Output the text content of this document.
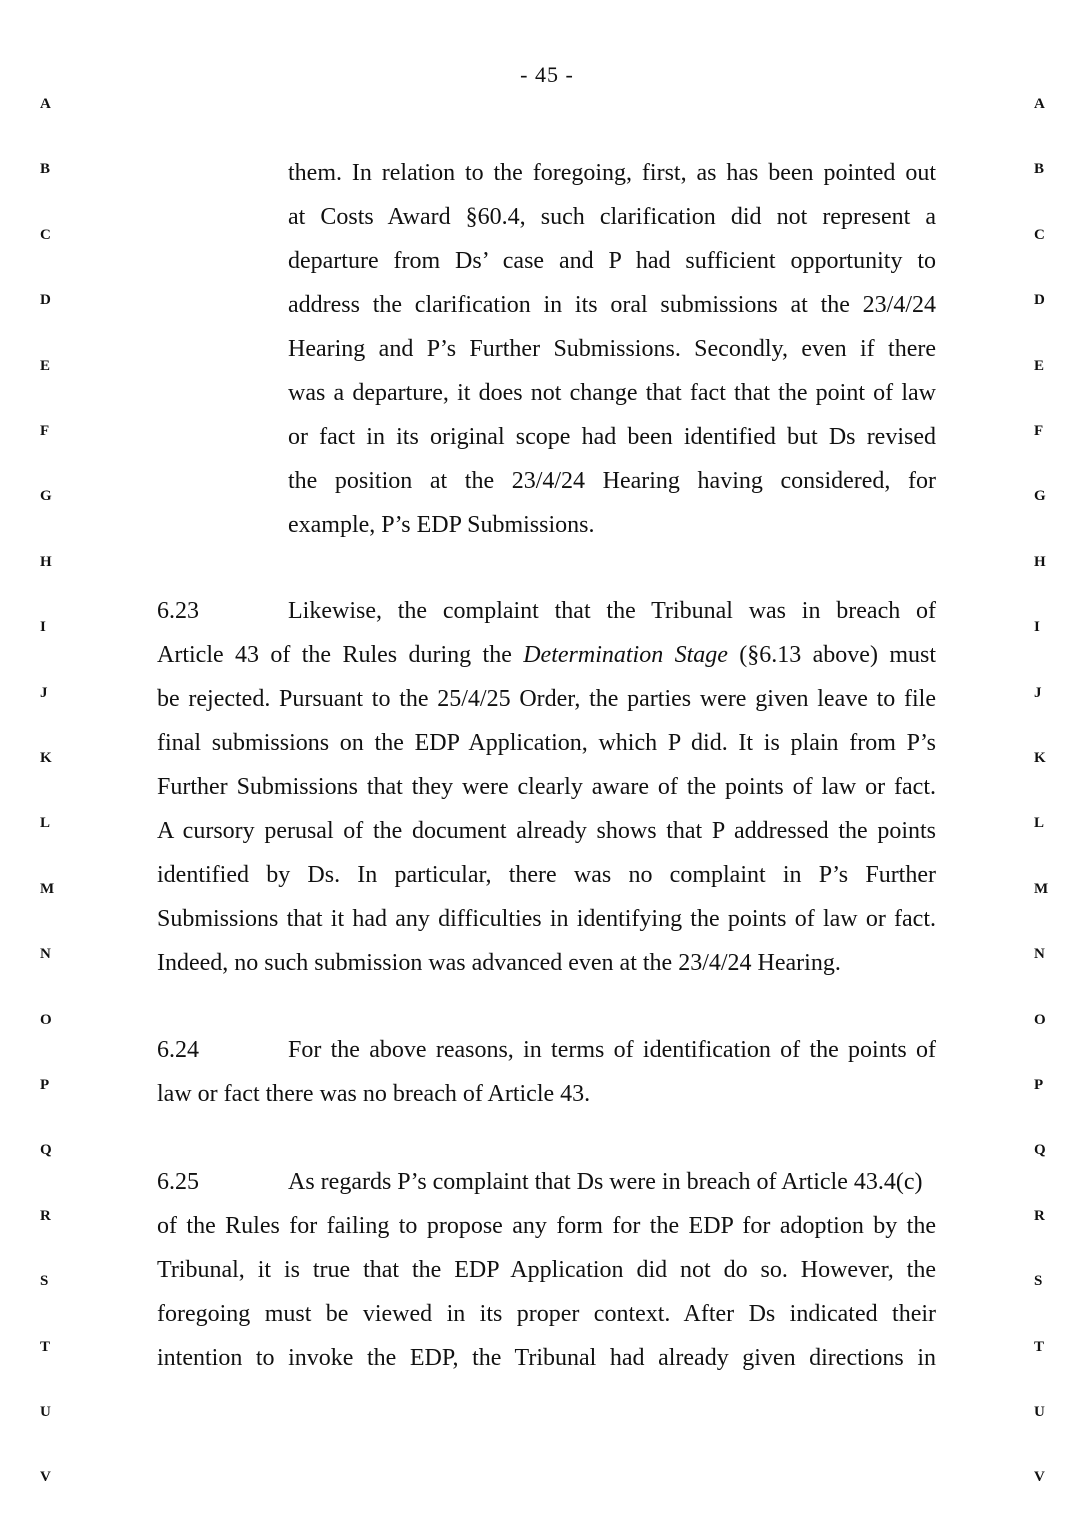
- 45 -
A	A
B	B
C	C
D	D
E	E
F	F
G	G
H	H
I	I
J	J
K	K
L	L
M	M
N	N
O	O
P	P
Q	Q
R	R
S	S
T	T
U	U
V	V
them. In relation to the foregoing, first, as has been pointed out
at Costs Award §60.4, such clarification did not represent a
departure from Ds’ case and P had sufficient opportunity to
address the clarification in its oral submissions at the 23/4/24
Hearing and P’s Further Submissions. Secondly, even if there
was a departure, it does not change that fact that the point of law
or fact in its original scope had been identified but Ds revised
the position at the 23/4/24 Hearing having considered, for
example, P’s EDP Submissions.
6.23	Likewise, the complaint that the Tribunal was in breach of
Article 43 of the Rules during the Determination Stage (§6.13 above) must
be rejected. Pursuant to the 25/4/25 Order, the parties were given leave to file
final submissions on the EDP Application, which P did. It is plain from P’s
Further Submissions that they were clearly aware of the points of law or fact.
A cursory perusal of the document already shows that P addressed the points
identified by Ds. In particular, there was no complaint in P’s Further
Submissions that it had any difficulties in identifying the points of law or fact.
Indeed, no such submission was advanced even at the 23/4/24 Hearing.
6.24	For the above reasons, in terms of identification of the points of
law or fact there was no breach of Article 43.
6.25	As regards P’s complaint that Ds were in breach of Article 43.4(c)
of the Rules for failing to propose any form for the EDP for adoption by the
Tribunal, it is true that the EDP Application did not do so. However, the
foregoing must be viewed in its proper context. After Ds indicated their
intention to invoke the EDP, the Tribunal had already given directions in
